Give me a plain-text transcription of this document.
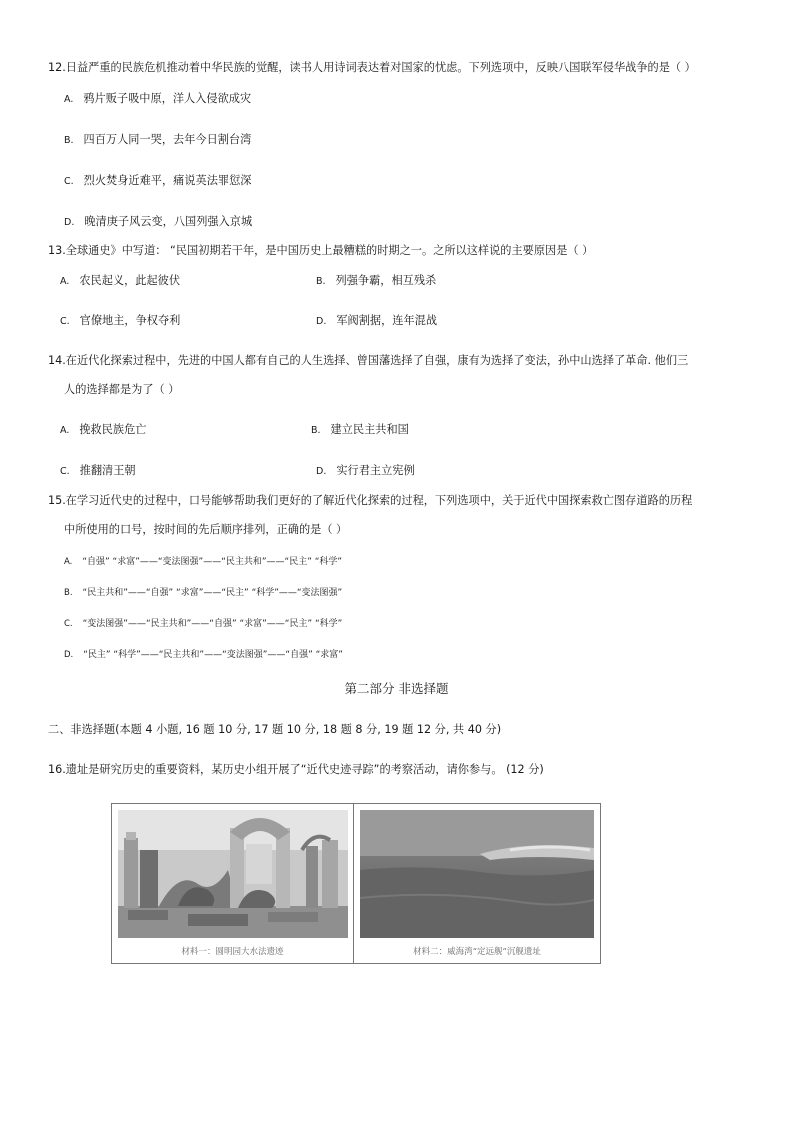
12.日益严重的民族危机推动着中华民族的觉醒，读书人用诗词表达着对国家的忧虑。下列选项中，反映八国联军侵华战争的是（ ）
A. 鸦片贩子吸中原，洋人入侵欲成灾
B. 四百万人同一哭，去年今日割台湾
C. 烈火焚身近难平，痛说英法罪愆深
D. 晚清庚子风云变，八国列强入京城
13.全球通史》中写道： “民国初期若干年，是中国历史上最糟糕的时期之一。之所以这样说的主要原因是（ ）
A. 农民起义，此起彼伏	B. 列强争霸，相互残杀
C. 官僚地主，争权夺利	D. 军阀割据，连年混战
14.在近代化探索过程中，先进的中国人都有自己的人生选择、曾国藩选择了自强，康有为选择了变法，孙中山选择了革命. 他们三
人的选择都是为了（ ）
A. 挽救民族危亡	B. 建立民主共和国
C. 推翻清王朝	D. 实行君主立宪例
15.在学习近代史的过程中，口号能够帮助我们更好的了解近代化探索的过程，下列选项中，关于近代中国探索救亡图存道路的历程
中所使用的口号，按时间的先后顺序排列，正确的是（ ）
A. “自强” “求富”——“变法图强”——“民主共和”——“民主” “科学”
B. “民主共和”——“自强” “求富”——“民主” “科学”——“变法图强”
C. “变法图强”——“民主共和”——“自强” “求富”——“民主” “科学”
D. “民主” “科学”——“民主共和”——“变法图强”——“自强” “求富”
第二部分 非选择题
二、非选择题(本题 4 小题, 16 题 10 分, 17 题 10 分, 18 题 8 分, 19 题 12 分, 共 40 分)
16.遗址是研究历史的重要资料，某历史小组开展了“近代史迹寻踪”的考察活动，请你参与。 (12 分)
材料一：圆明园大水法遗迹	材料二：威海湾“定远舰”沉舰遗址
